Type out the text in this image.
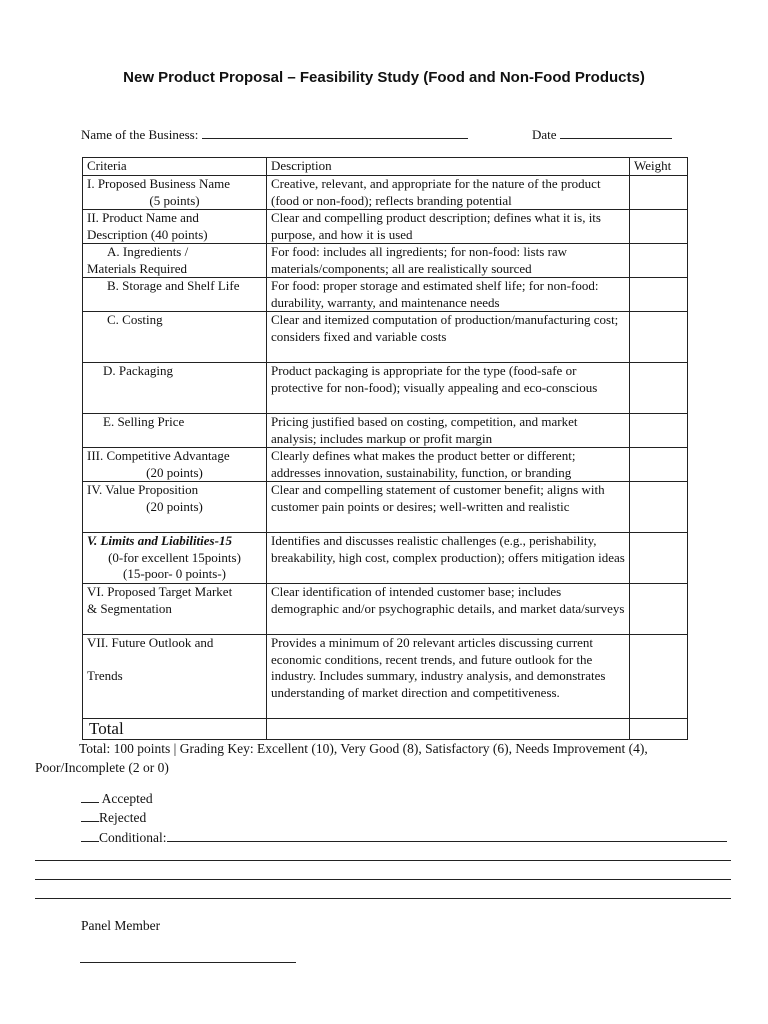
New Product Proposal – Feasibility Study (Food and Non-Food Products)
Name of the Business:	Date
Criteria	Description	Weight
I. Proposed Business Name
(5 points)	Creative, relevant, and appropriate for the nature of the product (food or non-food); reflects branding potential	
II. Product Name and
Description (40 points)	Clear and compelling product description; defines what it is, its purpose, and how it is used	

A. Ingredients /
Materials Required	For food: includes all ingredients; for non-food: lists raw materials/components; all are realistically sourced	

B. Storage and Shelf Life	For food: proper storage and estimated shelf life; for non-food: durability, warranty, and maintenance needs	

C. Costing	Clear and itemized computation of production/manufacturing cost; considers fixed and variable costs	

D. Packaging	Product packaging is appropriate for the type (food-safe or protective for non-food); visually appealing and eco-conscious	

E. Selling Price	Pricing justified based on costing, competition, and market analysis; includes markup or profit margin	
III. Competitive Advantage
(20 points)	Clearly defines what makes the product better or different; addresses innovation, sustainability, function, or branding	
IV. Value Proposition
(20 points)	Clear and compelling statement of customer benefit; aligns with customer pain points or desires; well-written and realistic	
V. Limits and Liabilities-15
(0-for excellent 15points)
(15-poor- 0 points-)	Identifies and discusses realistic challenges (e.g., perishability, breakability, high cost, complex production); offers mitigation ideas	
VI. Proposed Target Market
& Segmentation	Clear identification of intended customer base; includes demographic and/or psychographic details, and market data/surveys	
VII. Future Outlook and

Trends	Provides a minimum of 20 relevant articles discussing current economic conditions, recent trends, and future outlook for the industry. Includes summary, industry analysis, and demonstrates understanding of market direction and competitiveness.	
Total		
Total: 100 points | Grading Key: Excellent (10), Very Good (8), Satisfactory (6), Needs Improvement (4), Poor/Incomplete (2 or 0)
Accepted
Rejected
Conditional:
Panel Member
